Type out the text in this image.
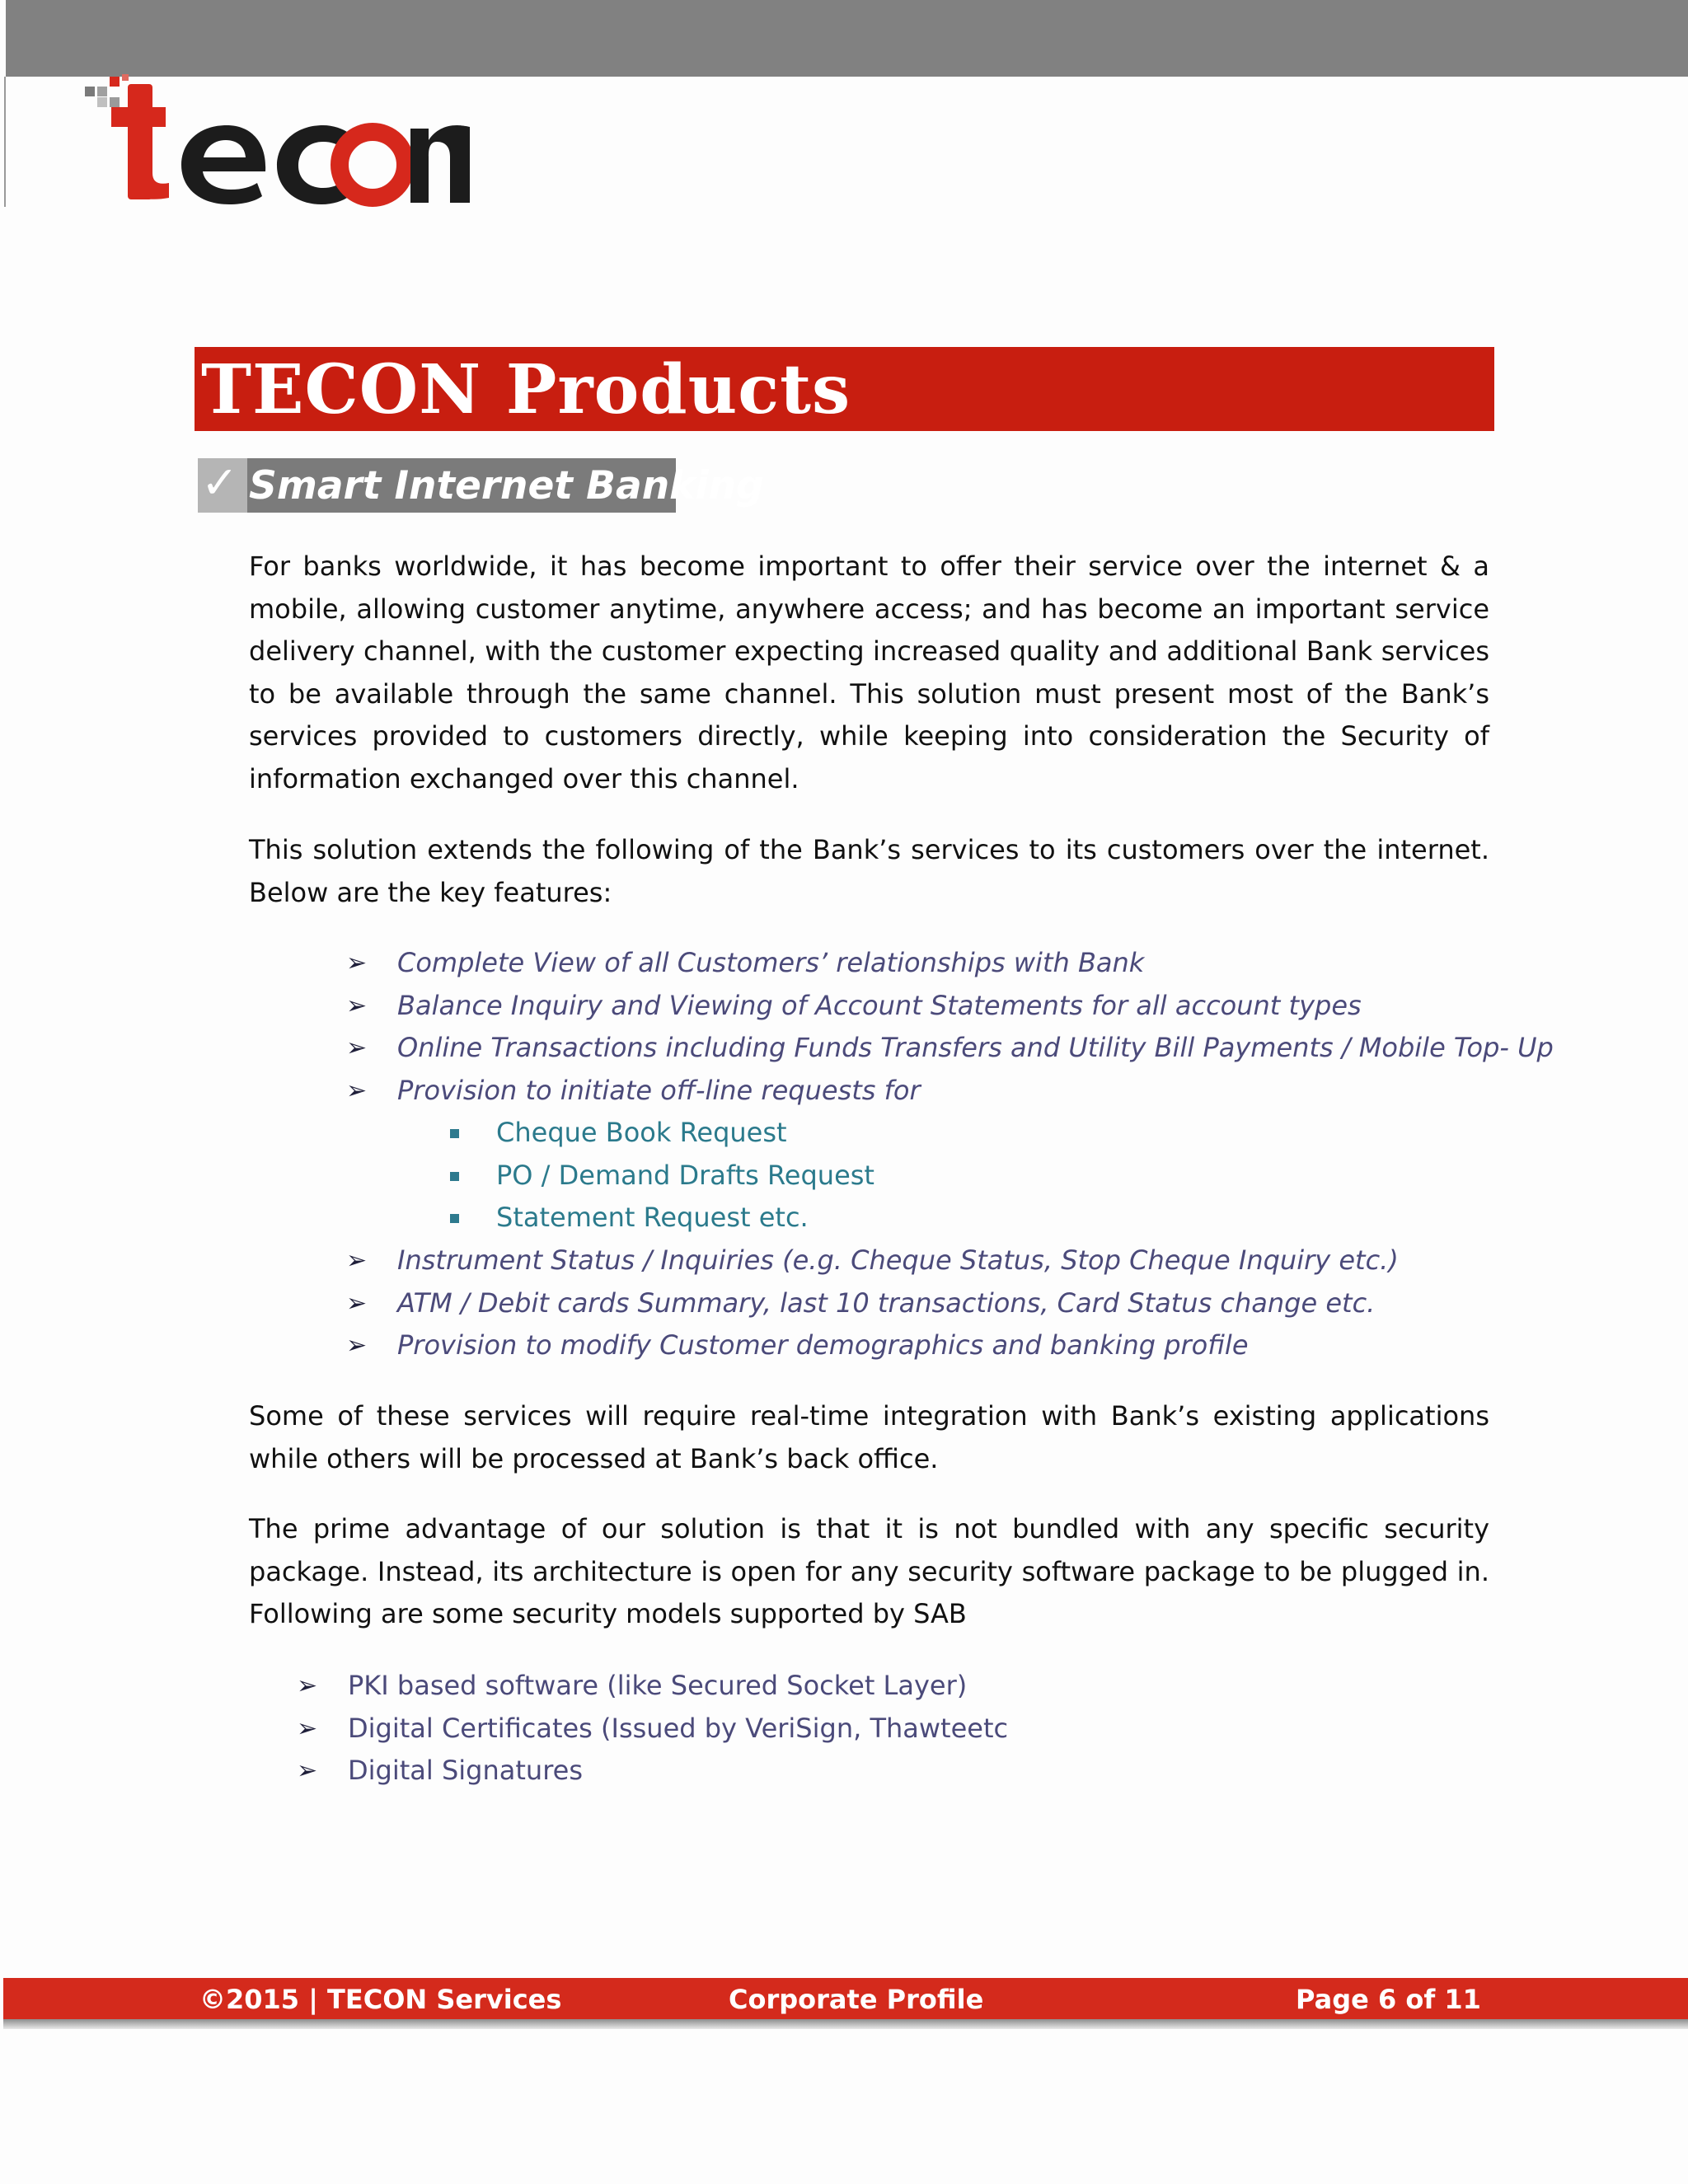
TECON Products
✓ Smart Internet Banking

For banks worldwide, it has become important to offer their service over the internet & a mobile, allowing customer anytime, anywhere access; and has become an important service delivery channel, with the customer expecting increased quality and additional Bank services to be available through the same channel. This solution must present most of the Bank’s services provided to customers directly, while keeping into consideration the Security of information exchanged over this channel.

This solution extends the following of the Bank’s services to its customers over the internet. Below are the key features:

➢ Complete View of all Customers’ relationships with Bank
➢ Balance Inquiry and Viewing of Account Statements for all account types
➢ Online Transactions including Funds Transfers and Utility Bill Payments / Mobile Top- Up
➢ Provision to initiate off-line requests for
Cheque Book Request
PO / Demand Drafts Request
Statement Request etc.
➢ Instrument Status / Inquiries (e.g. Cheque Status, Stop Cheque Inquiry etc.)
➢ ATM / Debit cards Summary, last 10 transactions, Card Status change etc.
➢ Provision to modify Customer demographics and banking profile

Some of these services will require real-time integration with Bank’s existing applications while others will be processed at Bank’s back office.

The prime advantage of our solution is that it is not bundled with any specific security package. Instead, its architecture is open for any security software package to be plugged in. Following are some security models supported by SAB

➢ PKI based software (like Secured Socket Layer)
➢ Digital Certificates (Issued by VeriSign, Thawteetc
➢ Digital Signatures
©2015 | TECON Services	Corporate Profile	Page 6 of 11
